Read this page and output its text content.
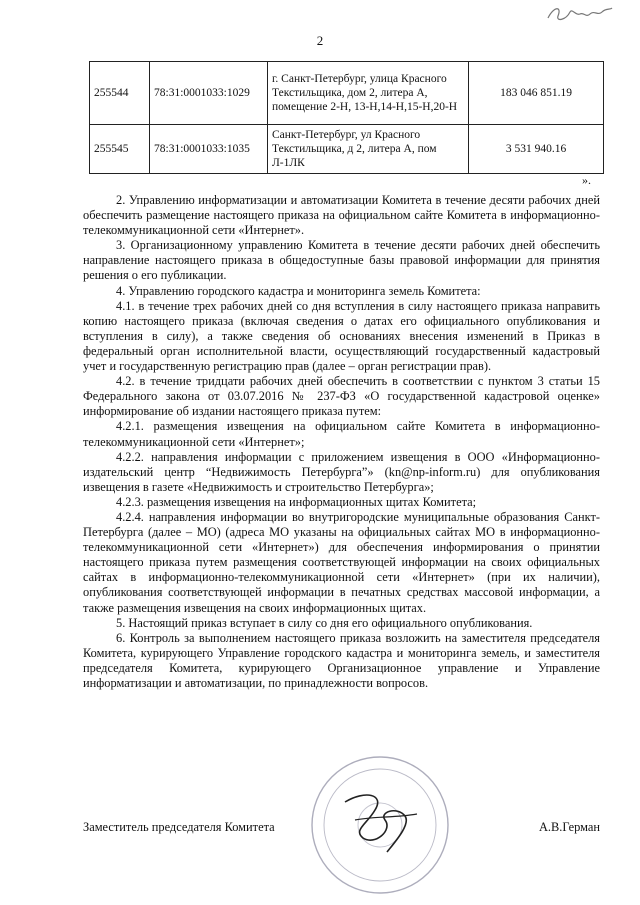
2
255544	78:31:0001033:1029	г. Санкт-Петербург, улица Красного Текстильщика, дом 2, литера А, помещение 2-Н, 13-Н,14-Н,15-Н,20-Н	183 046 851.19
255545	78:31:0001033:1035	Санкт-Петербург, ул Красного Текстильщика, д 2, литера А, пом Л-1ЛК	3 531 940.16
».

2. Управлению информатизации и автоматизации Комитета в течение десяти рабочих дней обеспечить размещение настоящего приказа на официальном сайте Комитета в информационно-телекоммуникационной сети «Интернет».

3. Организационному управлению Комитета в течение десяти рабочих дней обеспечить направление настоящего приказа в общедоступные базы правовой информации для принятия решения о его публикации.

4. Управлению городского кадастра и мониторинга земель Комитета:

4.1. в течение трех рабочих дней со дня вступления в силу настоящего приказа направить копию настоящего приказа (включая сведения о датах его официального опубликования и вступления в силу), а также сведения об основаниях внесения изменений в Приказ в федеральный орган исполнительной власти, осуществляющий государственный кадастровый учет и государственную регистрацию прав (далее – орган регистрации прав).

4.2. в течение тридцати рабочих дней обеспечить в соответствии с пунктом 3 статьи 15 Федерального закона от 03.07.2016 № 237-ФЗ «О государственной кадастровой оценке» информирование об издании настоящего приказа путем:

4.2.1. размещения извещения на официальном сайте Комитета в информационно-телекоммуникационной сети «Интернет»;

4.2.2. направления информации с приложением извещения в ООО «Информационно-издательский центр “Недвижимость Петербурга”» (kn@np-inform.ru) для опубликования извещения в газете «Недвижимость и строительство Петербурга»;

4.2.3. размещения извещения на информационных щитах Комитета;

4.2.4. направления информации во внутригородские муниципальные образования Санкт-Петербурга (далее – МО) (адреса МО указаны на официальных сайтах МО в информационно-телекоммуникационной сети «Интернет») для обеспечения информирования о принятии настоящего приказа путем размещения соответствующей информации на своих официальных сайтах в информационно-телекоммуникационной сети «Интернет» (при их наличии), опубликования соответствующей информации в печатных средствах массовой информации, а также размещения извещения на своих информационных щитах.

5. Настоящий приказ вступает в силу со дня его официального опубликования.

6. Контроль за выполнением настоящего приказа возложить на заместителя председателя Комитета, курирующего Управление городского кадастра и мониторинга земель, и заместителя председателя Комитета, курирующего Организационное управление и Управление информатизации и автоматизации, по принадлежности вопросов.

Заместитель председателя Комитета	А.В.Герман
